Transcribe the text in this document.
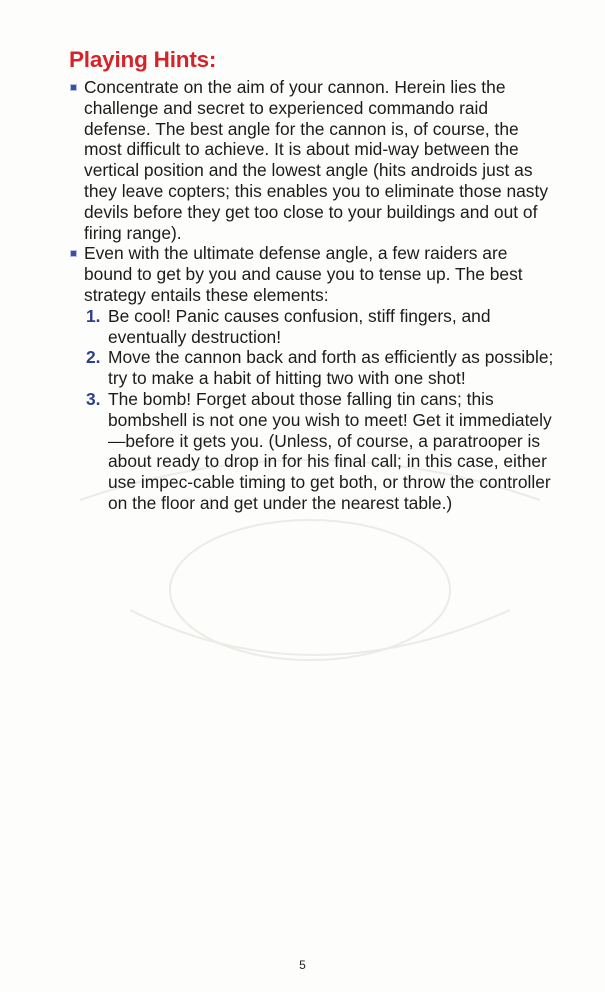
Playing Hints:
Concentrate on the aim of your cannon. Herein lies the challenge and secret to experienced commando raid defense. The best angle for the cannon is, of course, the most difficult to achieve. It is about mid-way between the vertical position and the lowest angle (hits androids just as they leave copters; this enables you to eliminate those nasty devils before they get too close to your buildings and out of firing range).
Even with the ultimate defense angle, a few raiders are bound to get by you and cause you to tense up. The best strategy entails these elements:
1. Be cool! Panic causes confusion, stiff fingers, and eventually destruction!
2. Move the cannon back and forth as efficiently as possible; try to make a habit of hitting two with one shot!
3. The bomb! Forget about those falling tin cans; this bombshell is not one you wish to meet! Get it immediately—before it gets you. (Unless, of course, a paratrooper is about ready to drop in for his final call; in this case, either use impec-cable timing to get both, or throw the controller on the floor and get under the nearest table.)
5
